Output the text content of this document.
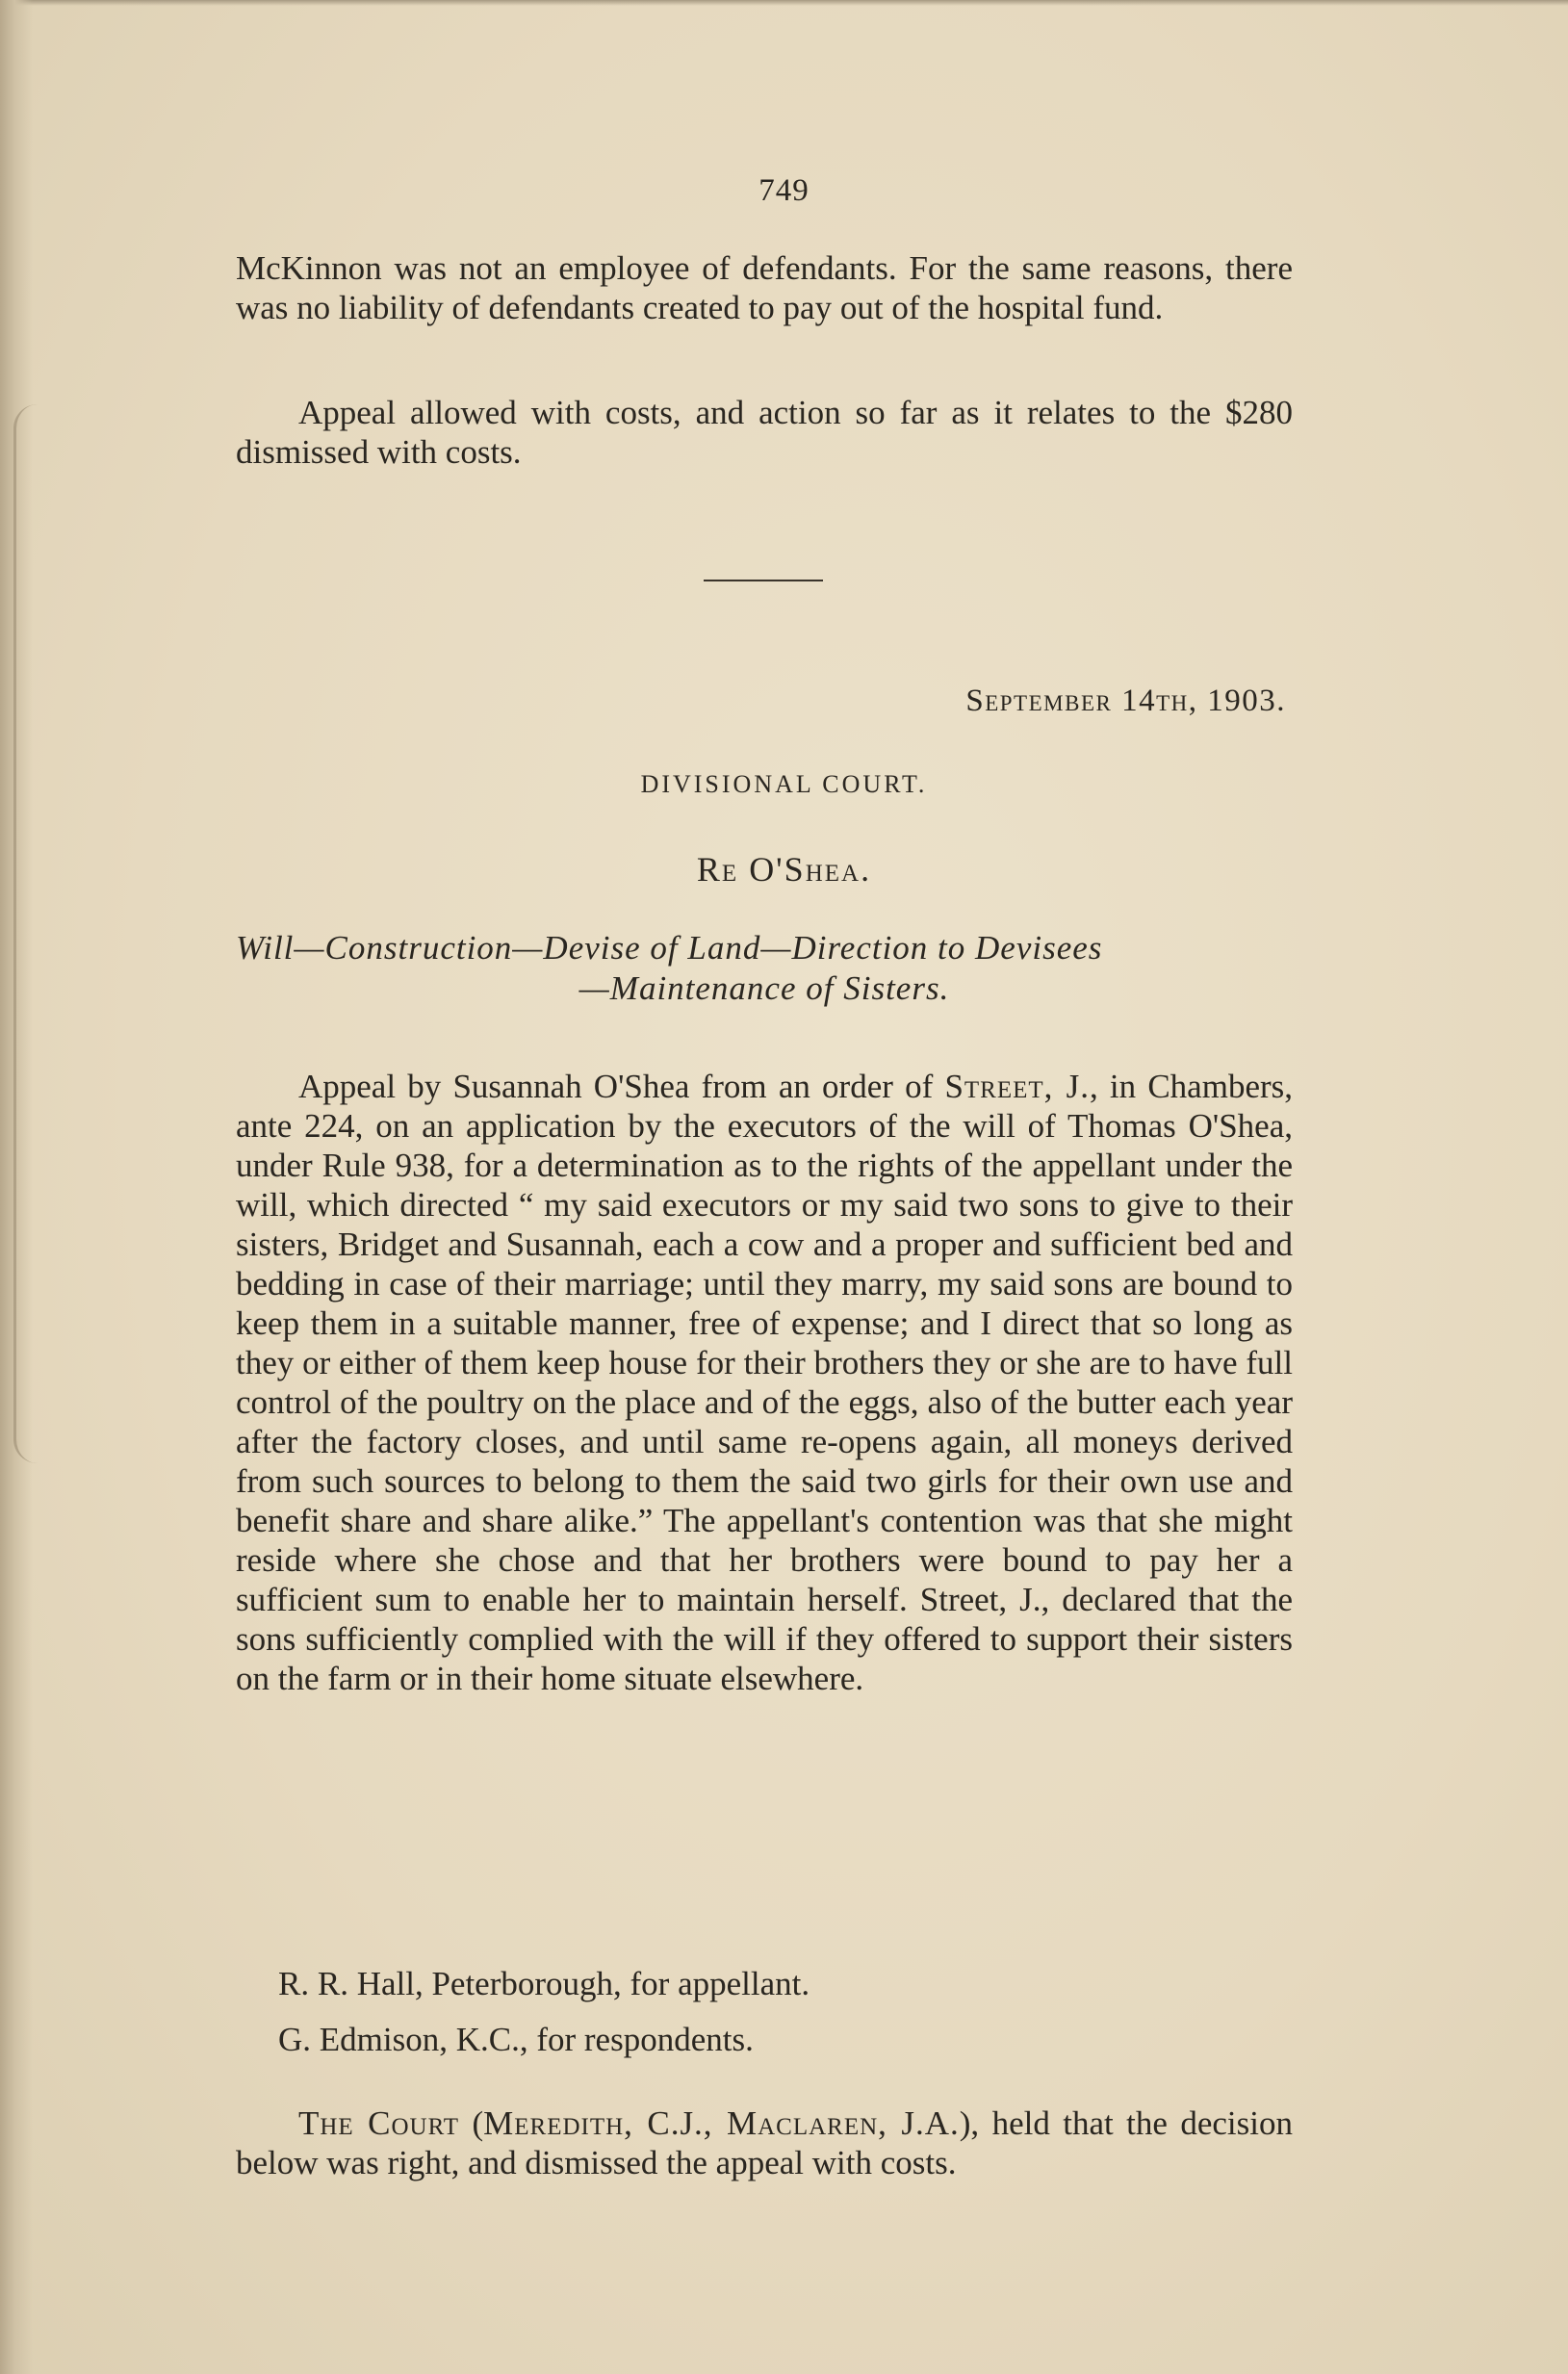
749

McKinnon was not an employee of defendants. For the same reasons, there was no liability of defendants created to pay out of the hospital fund.

Appeal allowed with costs, and action so far as it relates to the $280 dismissed with costs.

September 14th, 1903.
DIVISIONAL COURT.
Re O'Shea.
Will—Construction—Devise of Land—Direction to Devisees
—Maintenance of Sisters.

Appeal by Susannah O'Shea from an order of Street, J., in Chambers, ante 224, on an application by the executors of the will of Thomas O'Shea, under Rule 938, for a determination as to the rights of the appellant under the will, which directed “ my said executors or my said two sons to give to their sisters, Bridget and Susannah, each a cow and a proper and sufficient bed and bedding in case of their marriage; until they marry, my said sons are bound to keep them in a suitable manner, free of expense; and I direct that so long as they or either of them keep house for their brothers they or she are to have full control of the poultry on the place and of the eggs, also of the butter each year after the factory closes, and until same re-opens again, all moneys derived from such sources to belong to them the said two girls for their own use and benefit share and share alike.” The appellant's contention was that she might reside where she chose and that her brothers were bound to pay her a sufficient sum to enable her to maintain herself. Street, J., declared that the sons sufficiently complied with the will if they offered to support their sisters on the farm or in their home situate elsewhere.

R. R. Hall, Peterborough, for appellant.

G. Edmison, K.C., for respondents.

The Court (Meredith, C.J., Maclaren, J.A.), held that the decision below was right, and dismissed the appeal with costs.
